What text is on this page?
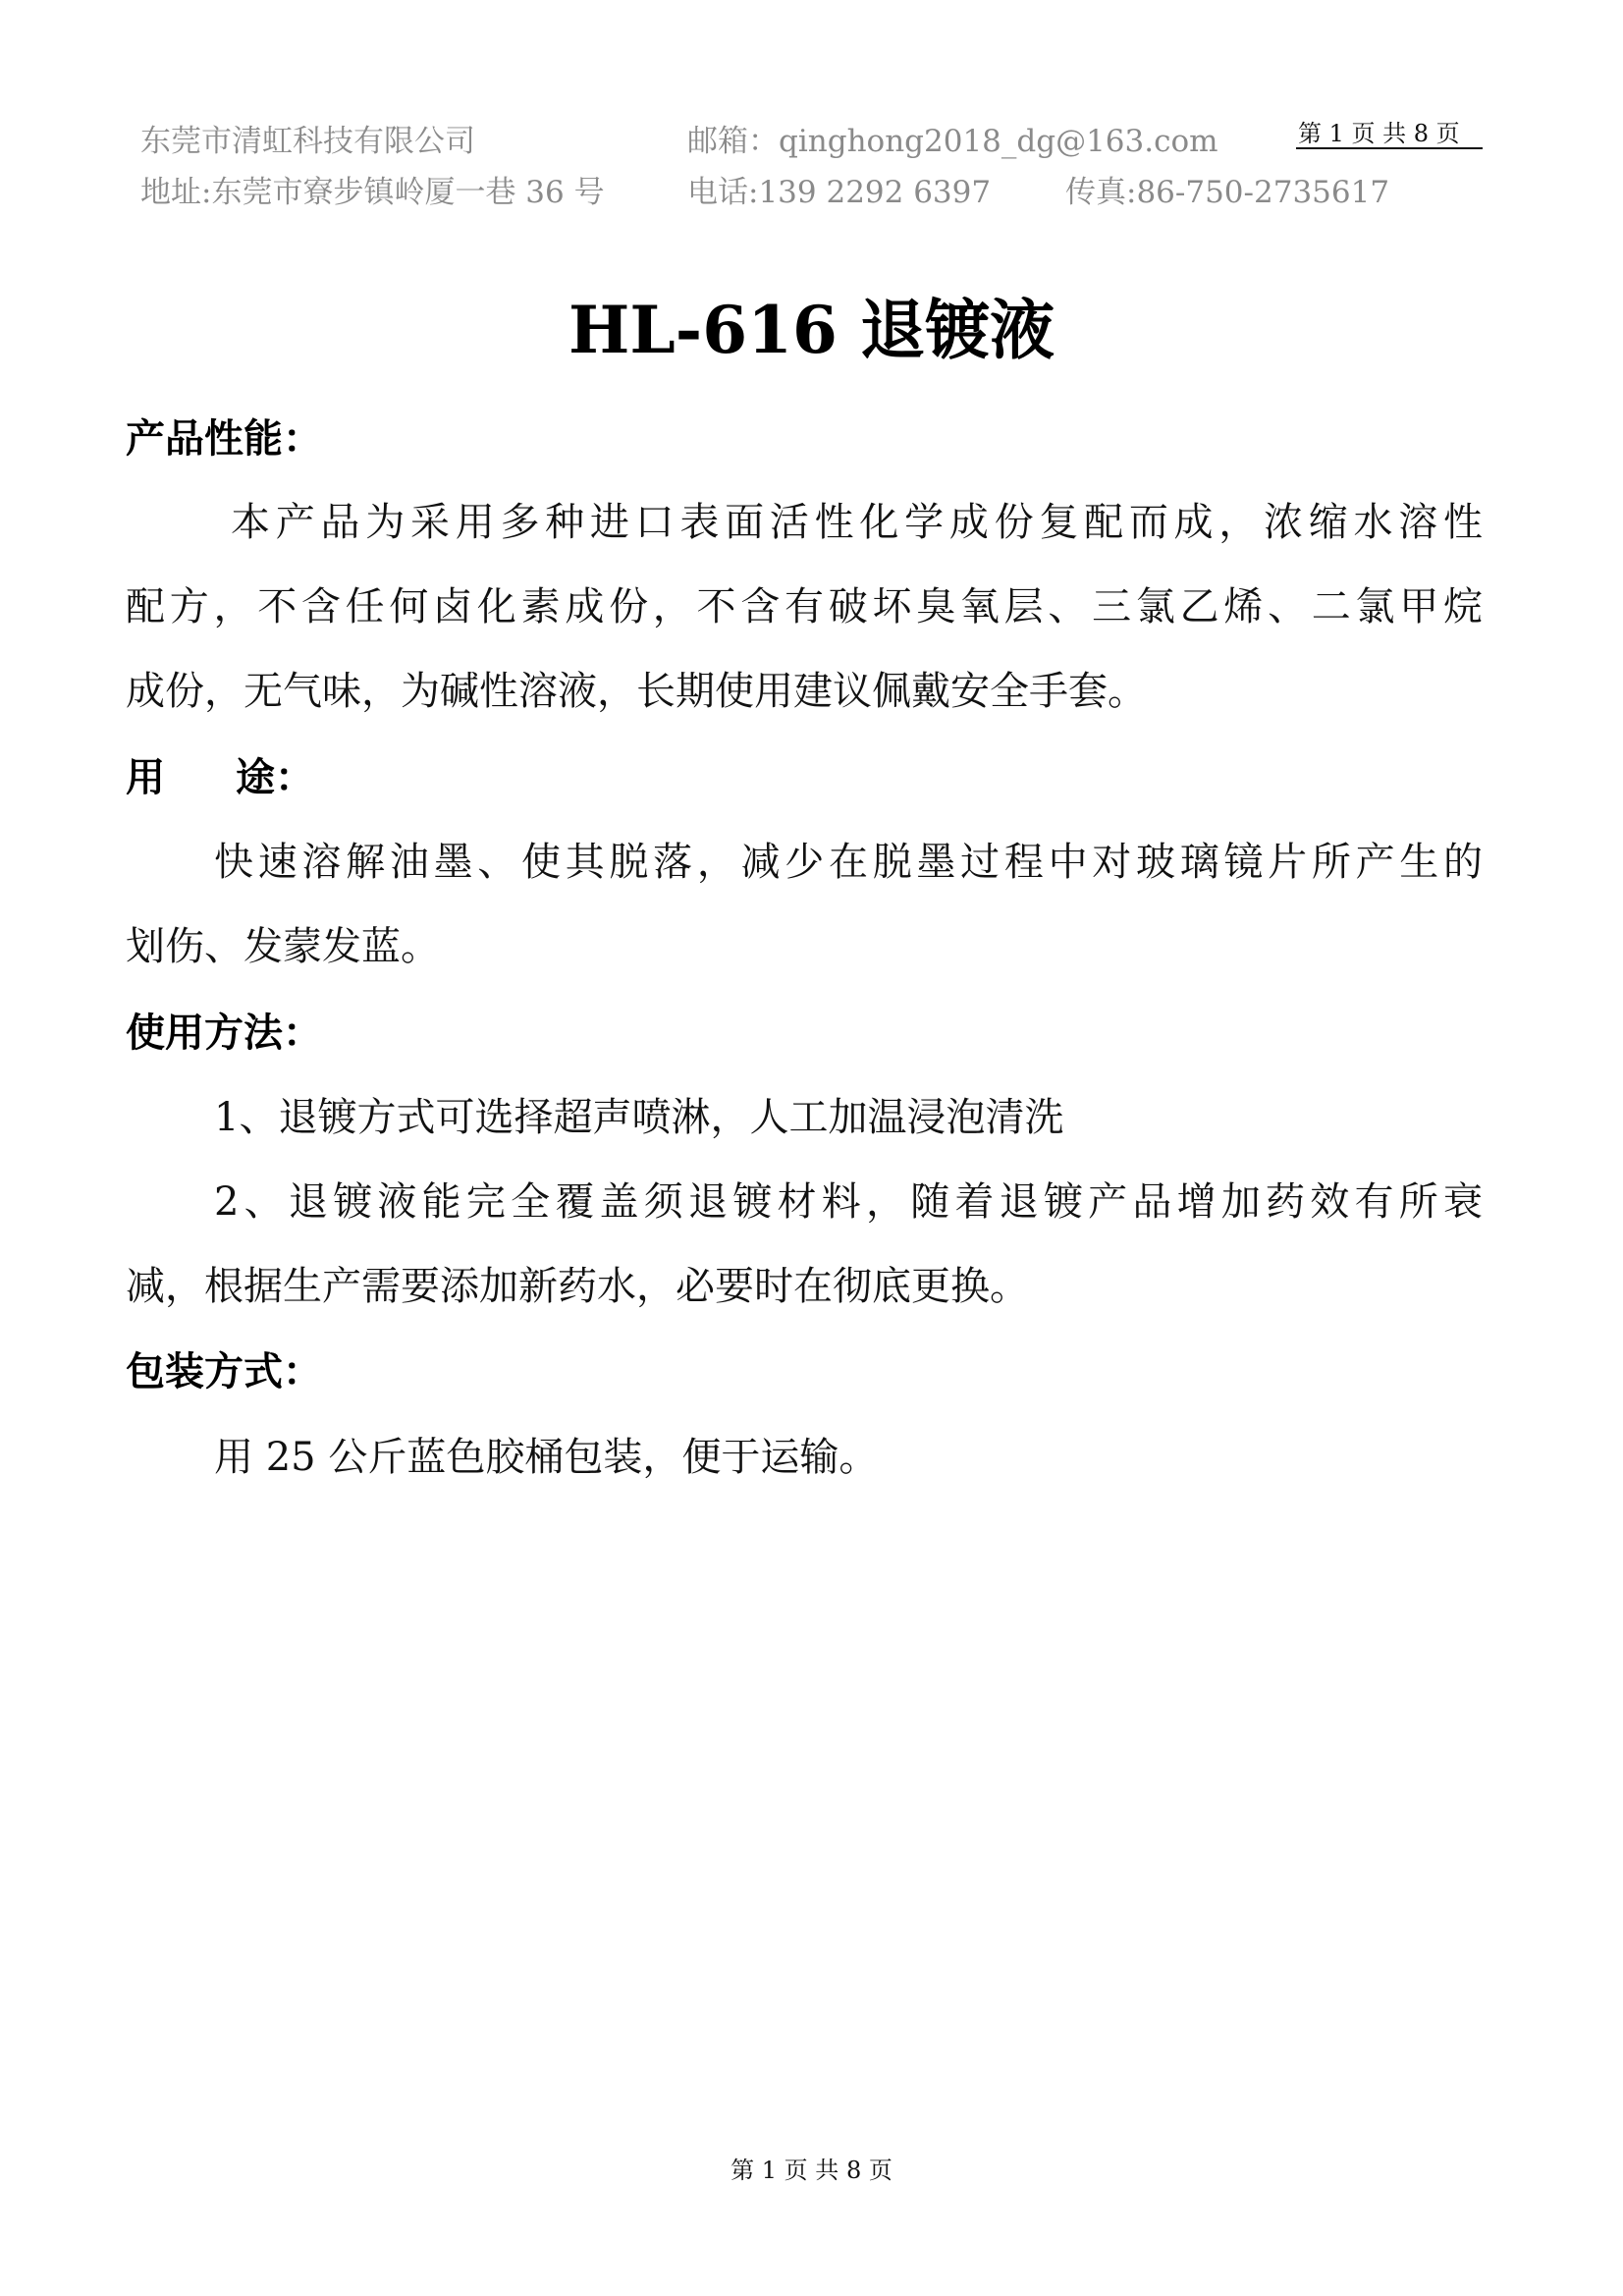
东莞市清虹科技有限公司	邮箱：qinghong2018_dg@163.com	第 1 页 共 8 页
地址:东莞市寮步镇岭厦一巷 36 号	电话:139 2292 6397 传真:86-750-2735617
HL-616 退镀液
产品性能：
本产品为采用多种进口表面活性化学成份复配而成，浓缩水溶性
配方，不含任何卤化素成份，不含有破坏臭氧层、三氯乙烯、二氯甲烷
成份，无气味，为碱性溶液，长期使用建议佩戴安全手套。
用 途：
快速溶解油墨、使其脱落，减少在脱墨过程中对玻璃镜片所产生的
划伤、发蒙发蓝。
使用方法：
1、退镀方式可选择超声喷淋，人工加温浸泡清洗
2、退镀液能完全覆盖须退镀材料，随着退镀产品增加药效有所衰
减，根据生产需要添加新药水，必要时在彻底更换。
包装方式：
用 25 公斤蓝色胶桶包装，便于运输。
第 1 页 共 8 页
